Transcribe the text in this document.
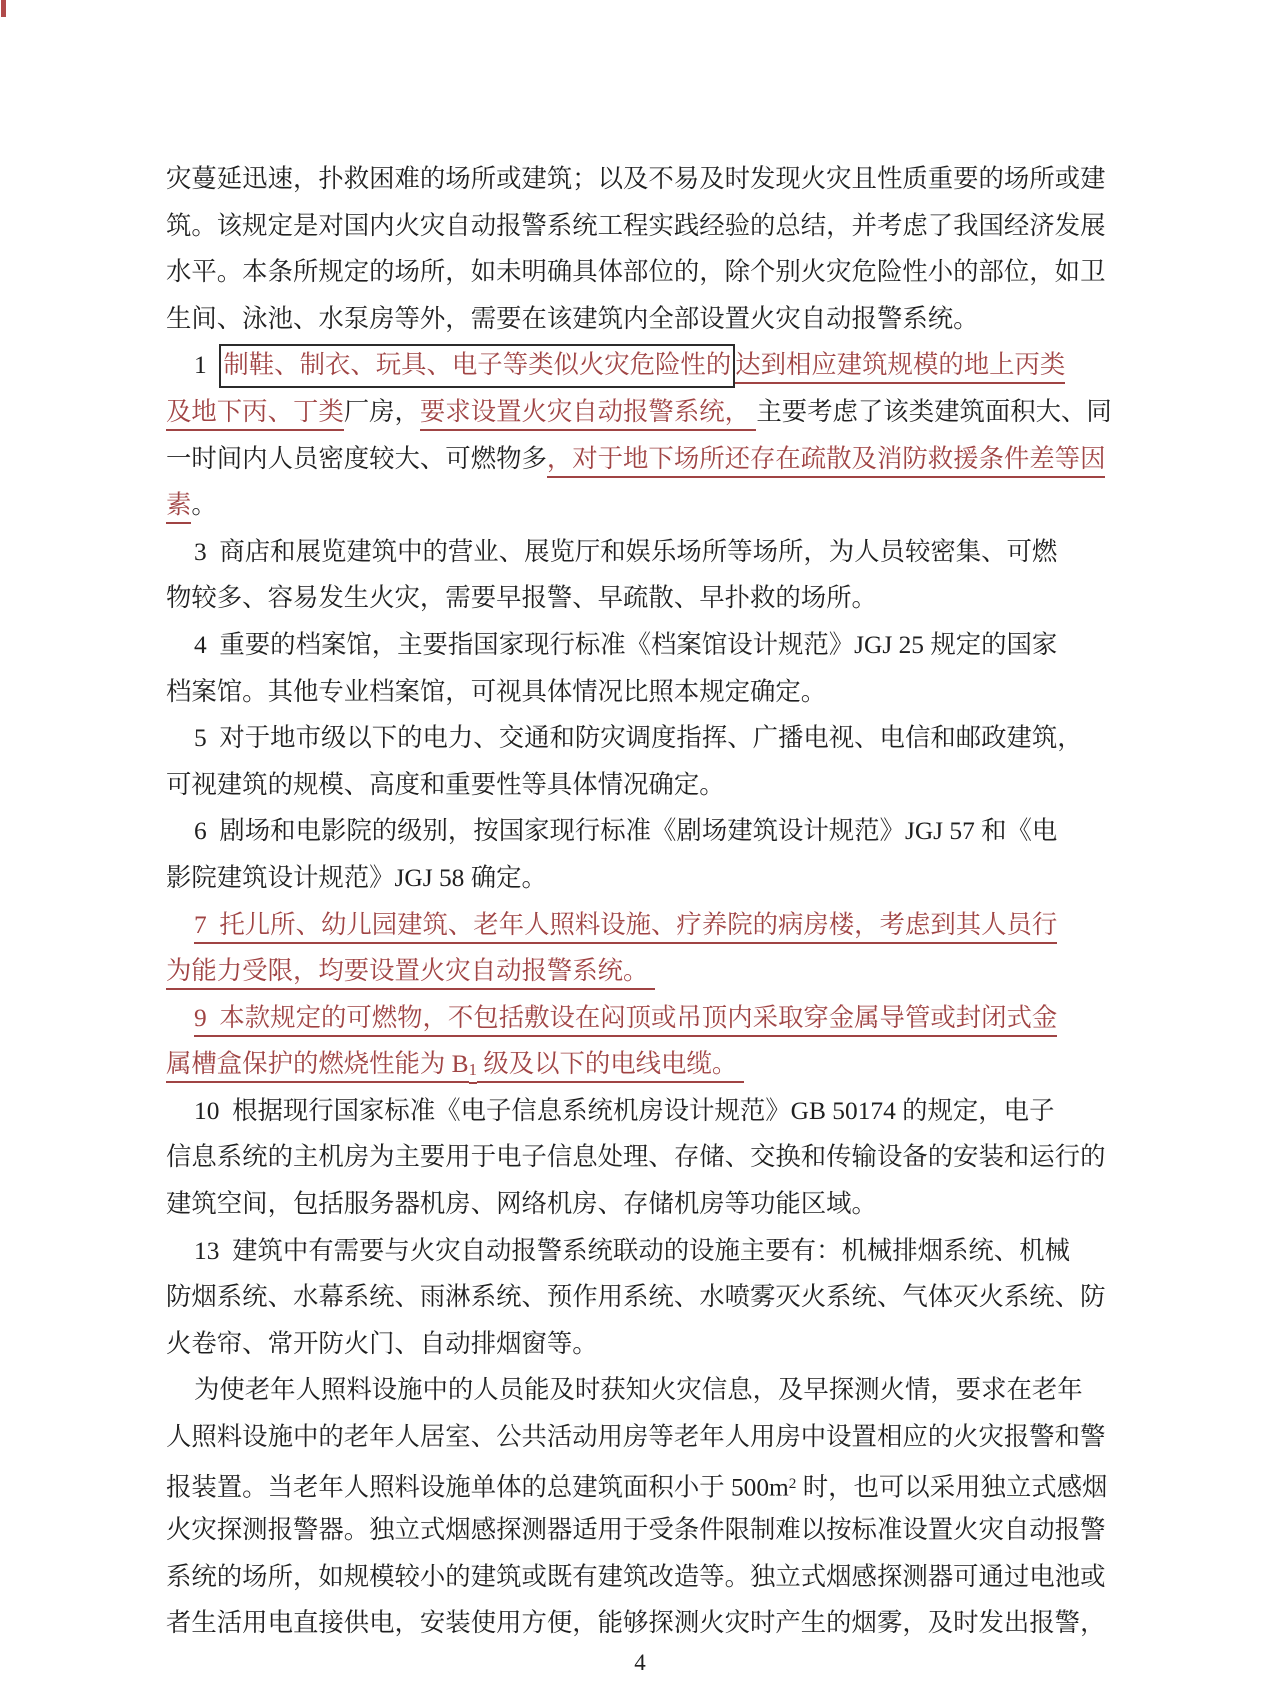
灾蔓延迅速，扑救困难的场所或建筑；以及不易及时发现火灾且性质重要的场所或建
筑。该规定是对国内火灾自动报警系统工程实践经验的总结，并考虑了我国经济发展
水平。本条所规定的场所，如未明确具体部位的，除个别火灾危险性小的部位，如卫
生间、泳池、水泵房等外，需要在该建筑内全部设置火灾自动报警系统。
1  制鞋、制衣、玩具、电子等类似火灾危险性的 达到相应建筑规模的地上丙类
及地下丙、丁类厂房，要求设置火灾自动报警系统， 主要考虑了该类建筑面积大、同
一时间内人员密度较大、可燃物多，对于地下场所还存在疏散及消防救援条件差等因
素。
3  商店和展览建筑中的营业、展览厅和娱乐场所等场所，为人员较密集、可燃
物较多、容易发生火灾，需要早报警、早疏散、早扑救的场所。
4  重要的档案馆，主要指国家现行标准《档案馆设计规范》JGJ 25 规定的国家
档案馆。其他专业档案馆，可视具体情况比照本规定确定。
5  对于地市级以下的电力、交通和防灾调度指挥、广播电视、电信和邮政建筑，
可视建筑的规模、高度和重要性等具体情况确定。
6  剧场和电影院的级别，按国家现行标准《剧场建筑设计规范》JGJ 57 和《电
影院建筑设计规范》JGJ 58 确定。
7  托儿所、幼儿园建筑、老年人照料设施、疗养院的病房楼，考虑到其人员行
为能力受限，均要设置火灾自动报警系统。
9  本款规定的可燃物，不包括敷设在闷顶或吊顶内采取穿金属导管或封闭式金
属槽盒保护的燃烧性能为 B1 级及以下的电线电缆。
10  根据现行国家标准《电子信息系统机房设计规范》GB 50174 的规定，电子
信息系统的主机房为主要用于电子信息处理、存储、交换和传输设备的安装和运行的
建筑空间，包括服务器机房、网络机房、存储机房等功能区域。
13  建筑中有需要与火灾自动报警系统联动的设施主要有：机械排烟系统、机械
防烟系统、水幕系统、雨淋系统、预作用系统、水喷雾灭火系统、气体灭火系统、防
火卷帘、常开防火门、自动排烟窗等。
为使老年人照料设施中的人员能及时获知火灾信息，及早探测火情，要求在老年
人照料设施中的老年人居室、公共活动用房等老年人用房中设置相应的火灾报警和警
报装置。当老年人照料设施单体的总建筑面积小于 $500m^2$ 时，也可以采用独立式感烟
火灾探测报警器。独立式烟感探测器适用于受条件限制难以按标准设置火灾自动报警
系统的场所，如规模较小的建筑或既有建筑改造等。独立式烟感探测器可通过电池或
者生活用电直接供电，安装使用方便，能够探测火灾时产生的烟雾，及时发出报警，
4
